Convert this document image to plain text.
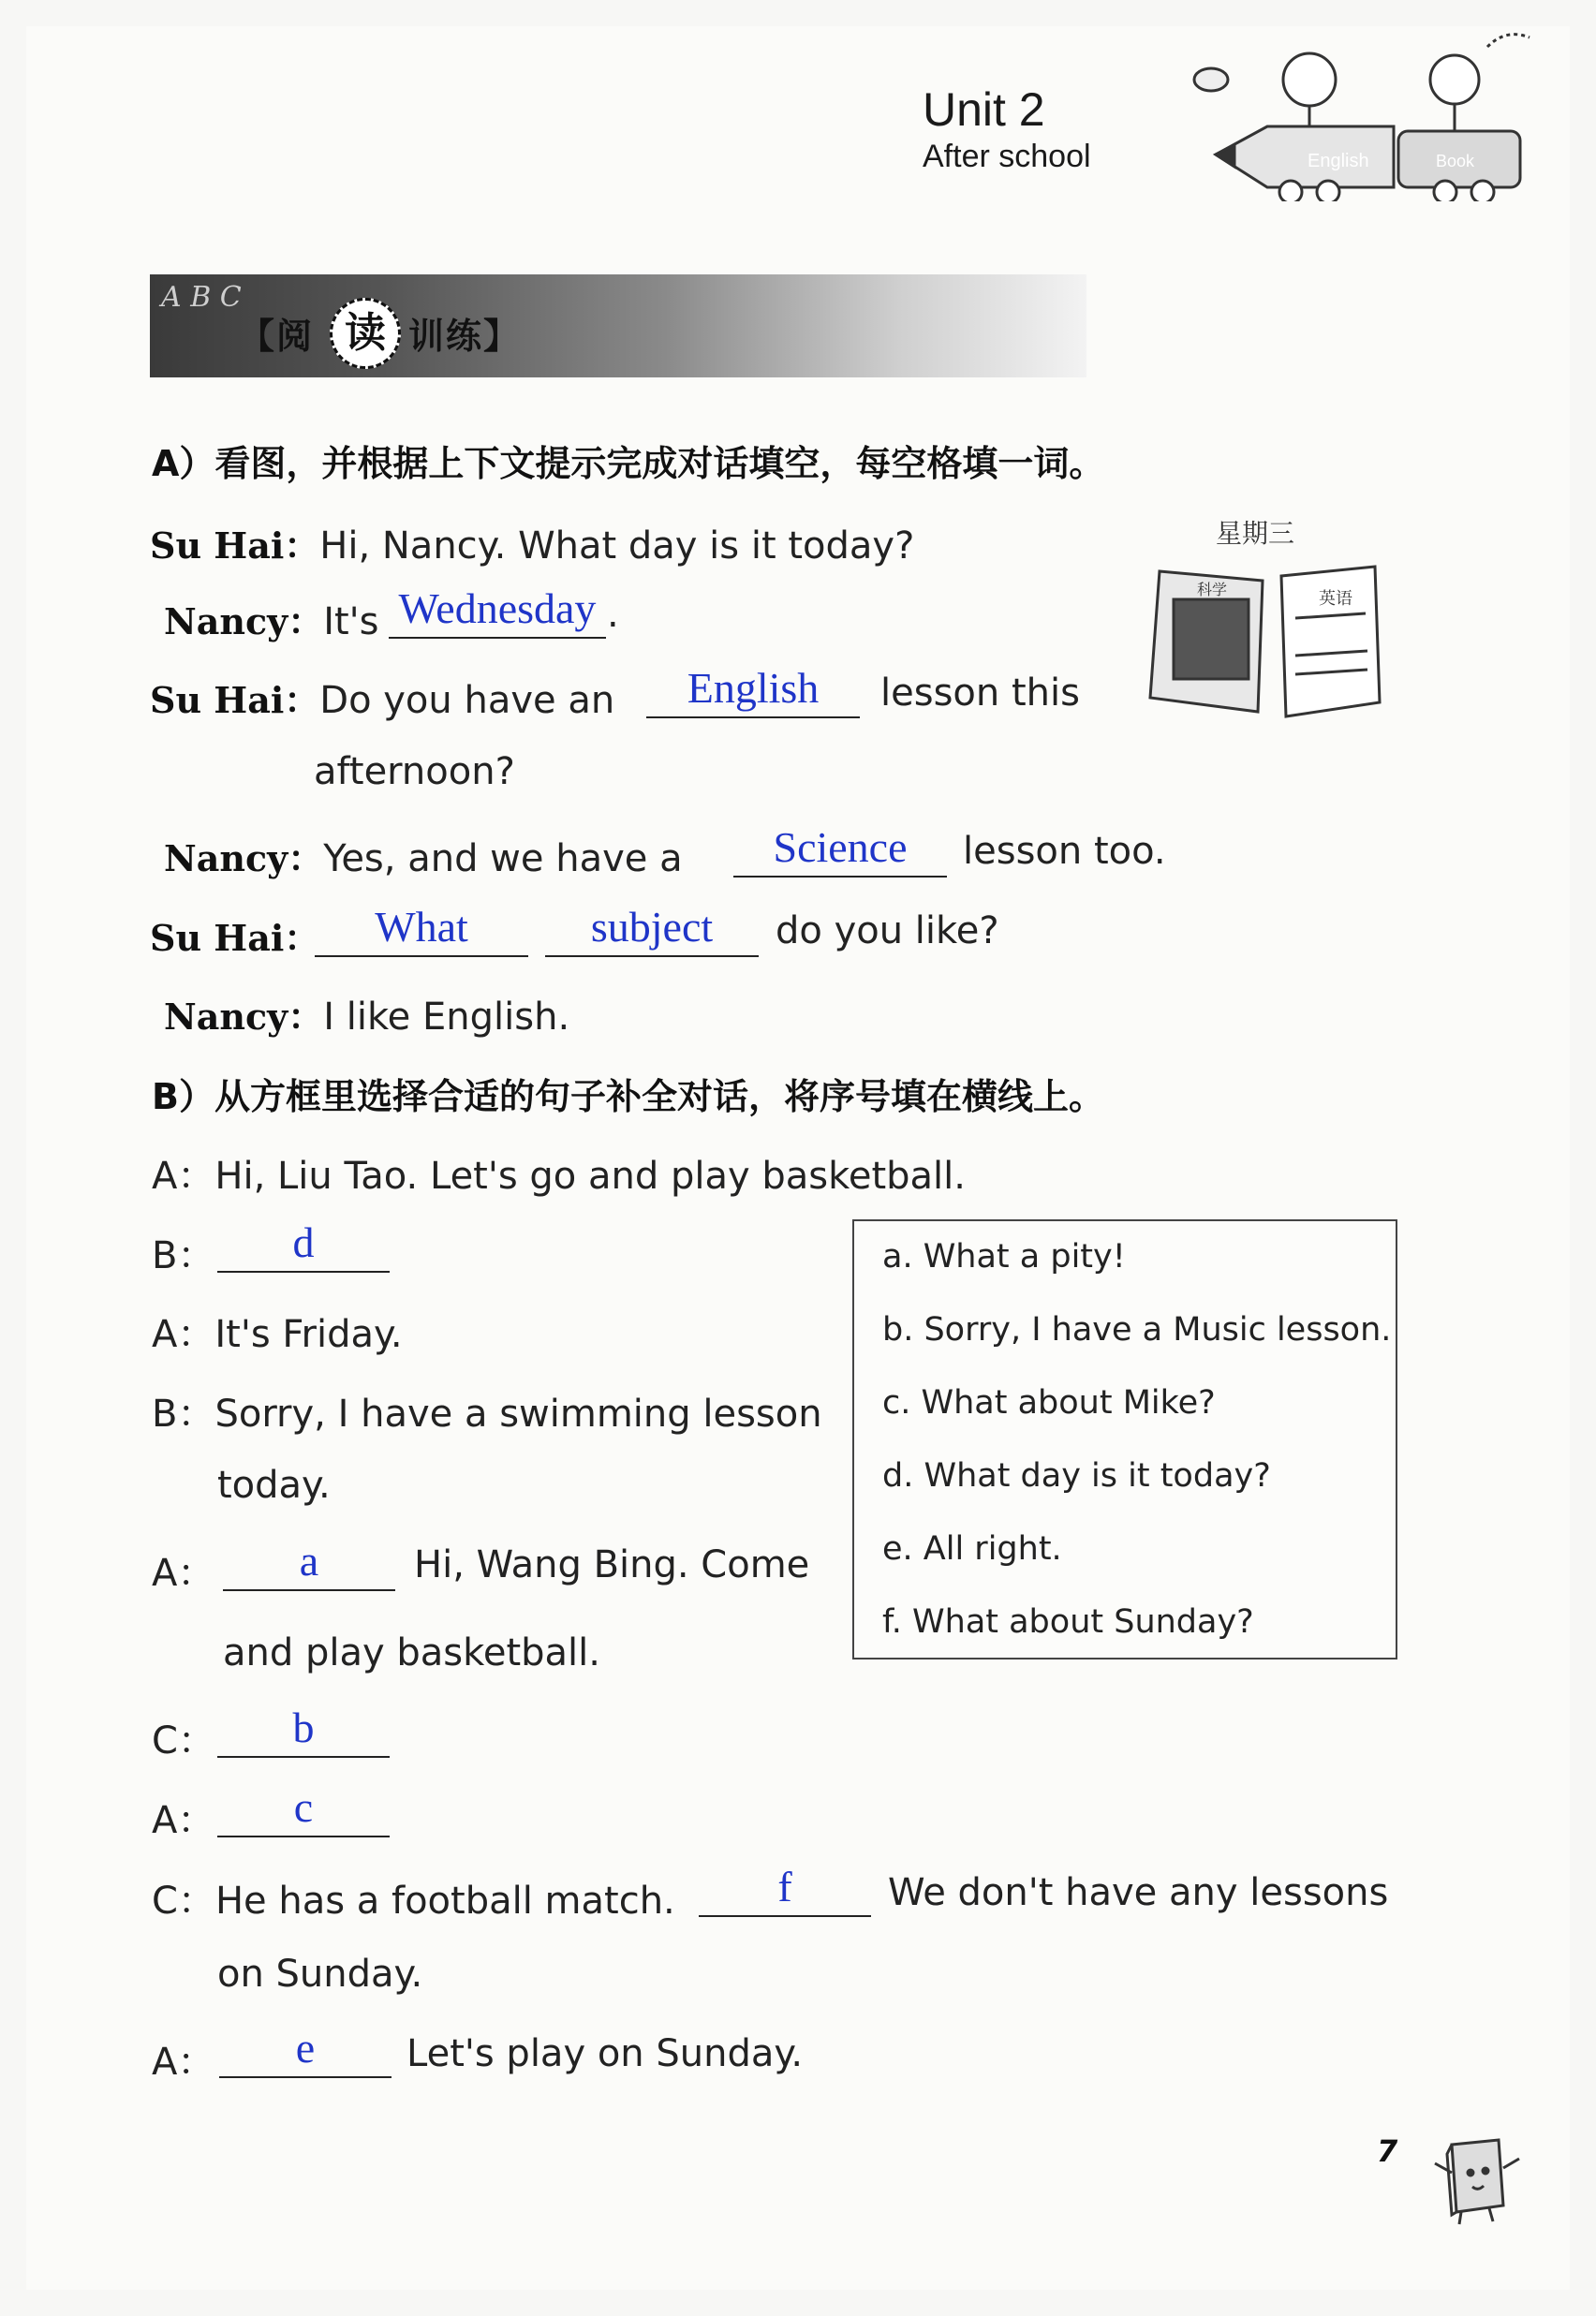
Unit 2
After school	English	Book
A B C
【阅 读 训练】
A）看图，并根据上下文提示完成对话填空，每空格填一词。
星期三
科学	英语
Su Hai：Hi, Nancy. What day is it today?
Nancy：It's Wednesday .
Su Hai：Do you have an	English	lesson this
afternoon?
Nancy：Yes, and we have a	Science	lesson too.
Su Hai：	What	subject	do you like?
Nancy：I like English.
B）从方框里选择合适的句子补全对话，将序号填在横线上。
A：Hi, Liu Tao. Let's go and play basketball.
B：	d
A：It's Friday.
B：Sorry, I have a swimming lesson
today.
A：	a	Hi, Wang Bing. Come
and play basketball.
C：	b
A：	c
C：He has a football match.	f	We don't have any lessons
on Sunday.
A：	e	Let's play on Sunday.
a. What a pity!
b. Sorry, I have a Music lesson.
c. What about Mike?
d. What day is it today?
e. All right.
f. What about Sunday?
7
